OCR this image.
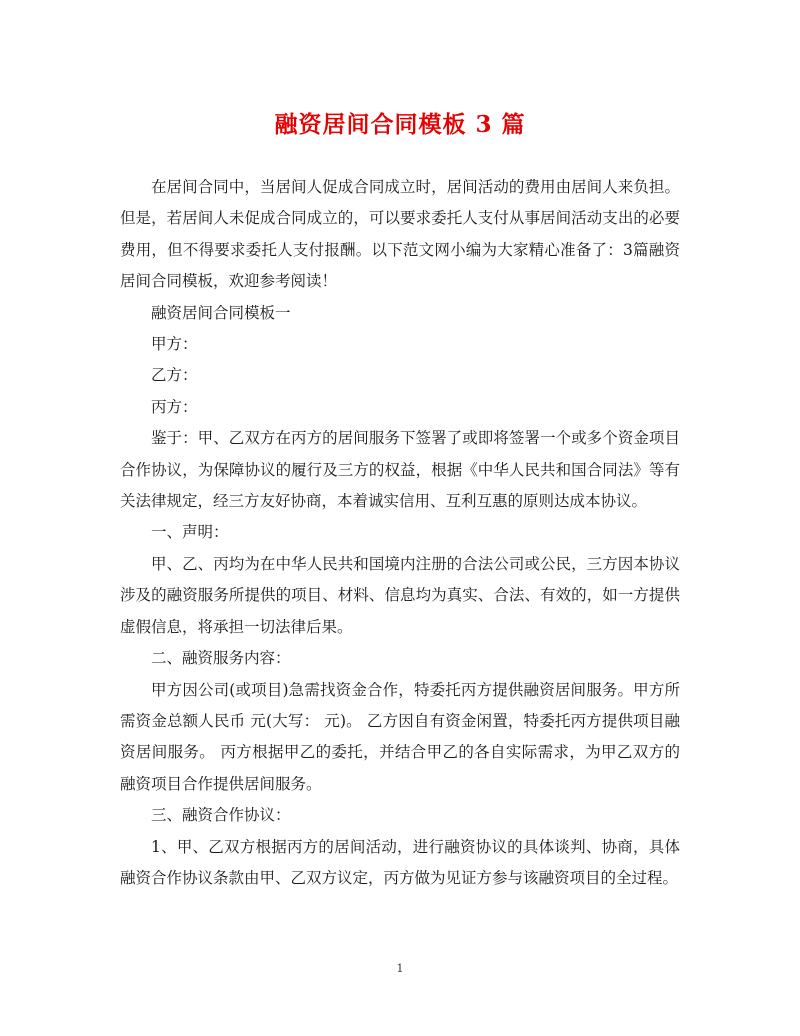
融资居间合同模板 3 篇

在居间合同中，当居间人促成合同成立时，居间活动的费用由居间人来负担。但是，若居间人未促成合同成立的，可以要求委托人支付从事居间活动支出的必要费用，但不得要求委托人支付报酬。以下范文网小编为大家精心准备了：3篇融资居间合同模板，欢迎参考阅读！

融资居间合同模板一

甲方：

乙方：

丙方：

鉴于：甲、乙双方在丙方的居间服务下签署了或即将签署一个或多个资金项目合作协议，为保障协议的履行及三方的权益，根据《中华人民共和国合同法》等有关法律规定，经三方友好协商，本着诚实信用、互利互惠的原则达成本协议。

一、声明：

甲、乙、丙均为在中华人民共和国境内注册的合法公司或公民，三方因本协议涉及的融资服务所提供的项目、材料、信息均为真实、合法、有效的，如一方提供虚假信息，将承担一切法律后果。

二、融资服务内容：

甲方因公司(或项目)急需找资金合作，特委托丙方提供融资居间服务。甲方所需资金总额人民币 元(大写： 元)。 乙方因自有资金闲置，特委托丙方提供项目融资居间服务。 丙方根据甲乙的委托，并结合甲乙的各自实际需求，为甲乙双方的融资项目合作提供居间服务。

三、融资合作协议：

1、甲、乙双方根据丙方的居间活动，进行融资协议的具体谈判、协商，具体融资合作协议条款由甲、乙双方议定，丙方做为见证方参与该融资项目的全过程。

1
